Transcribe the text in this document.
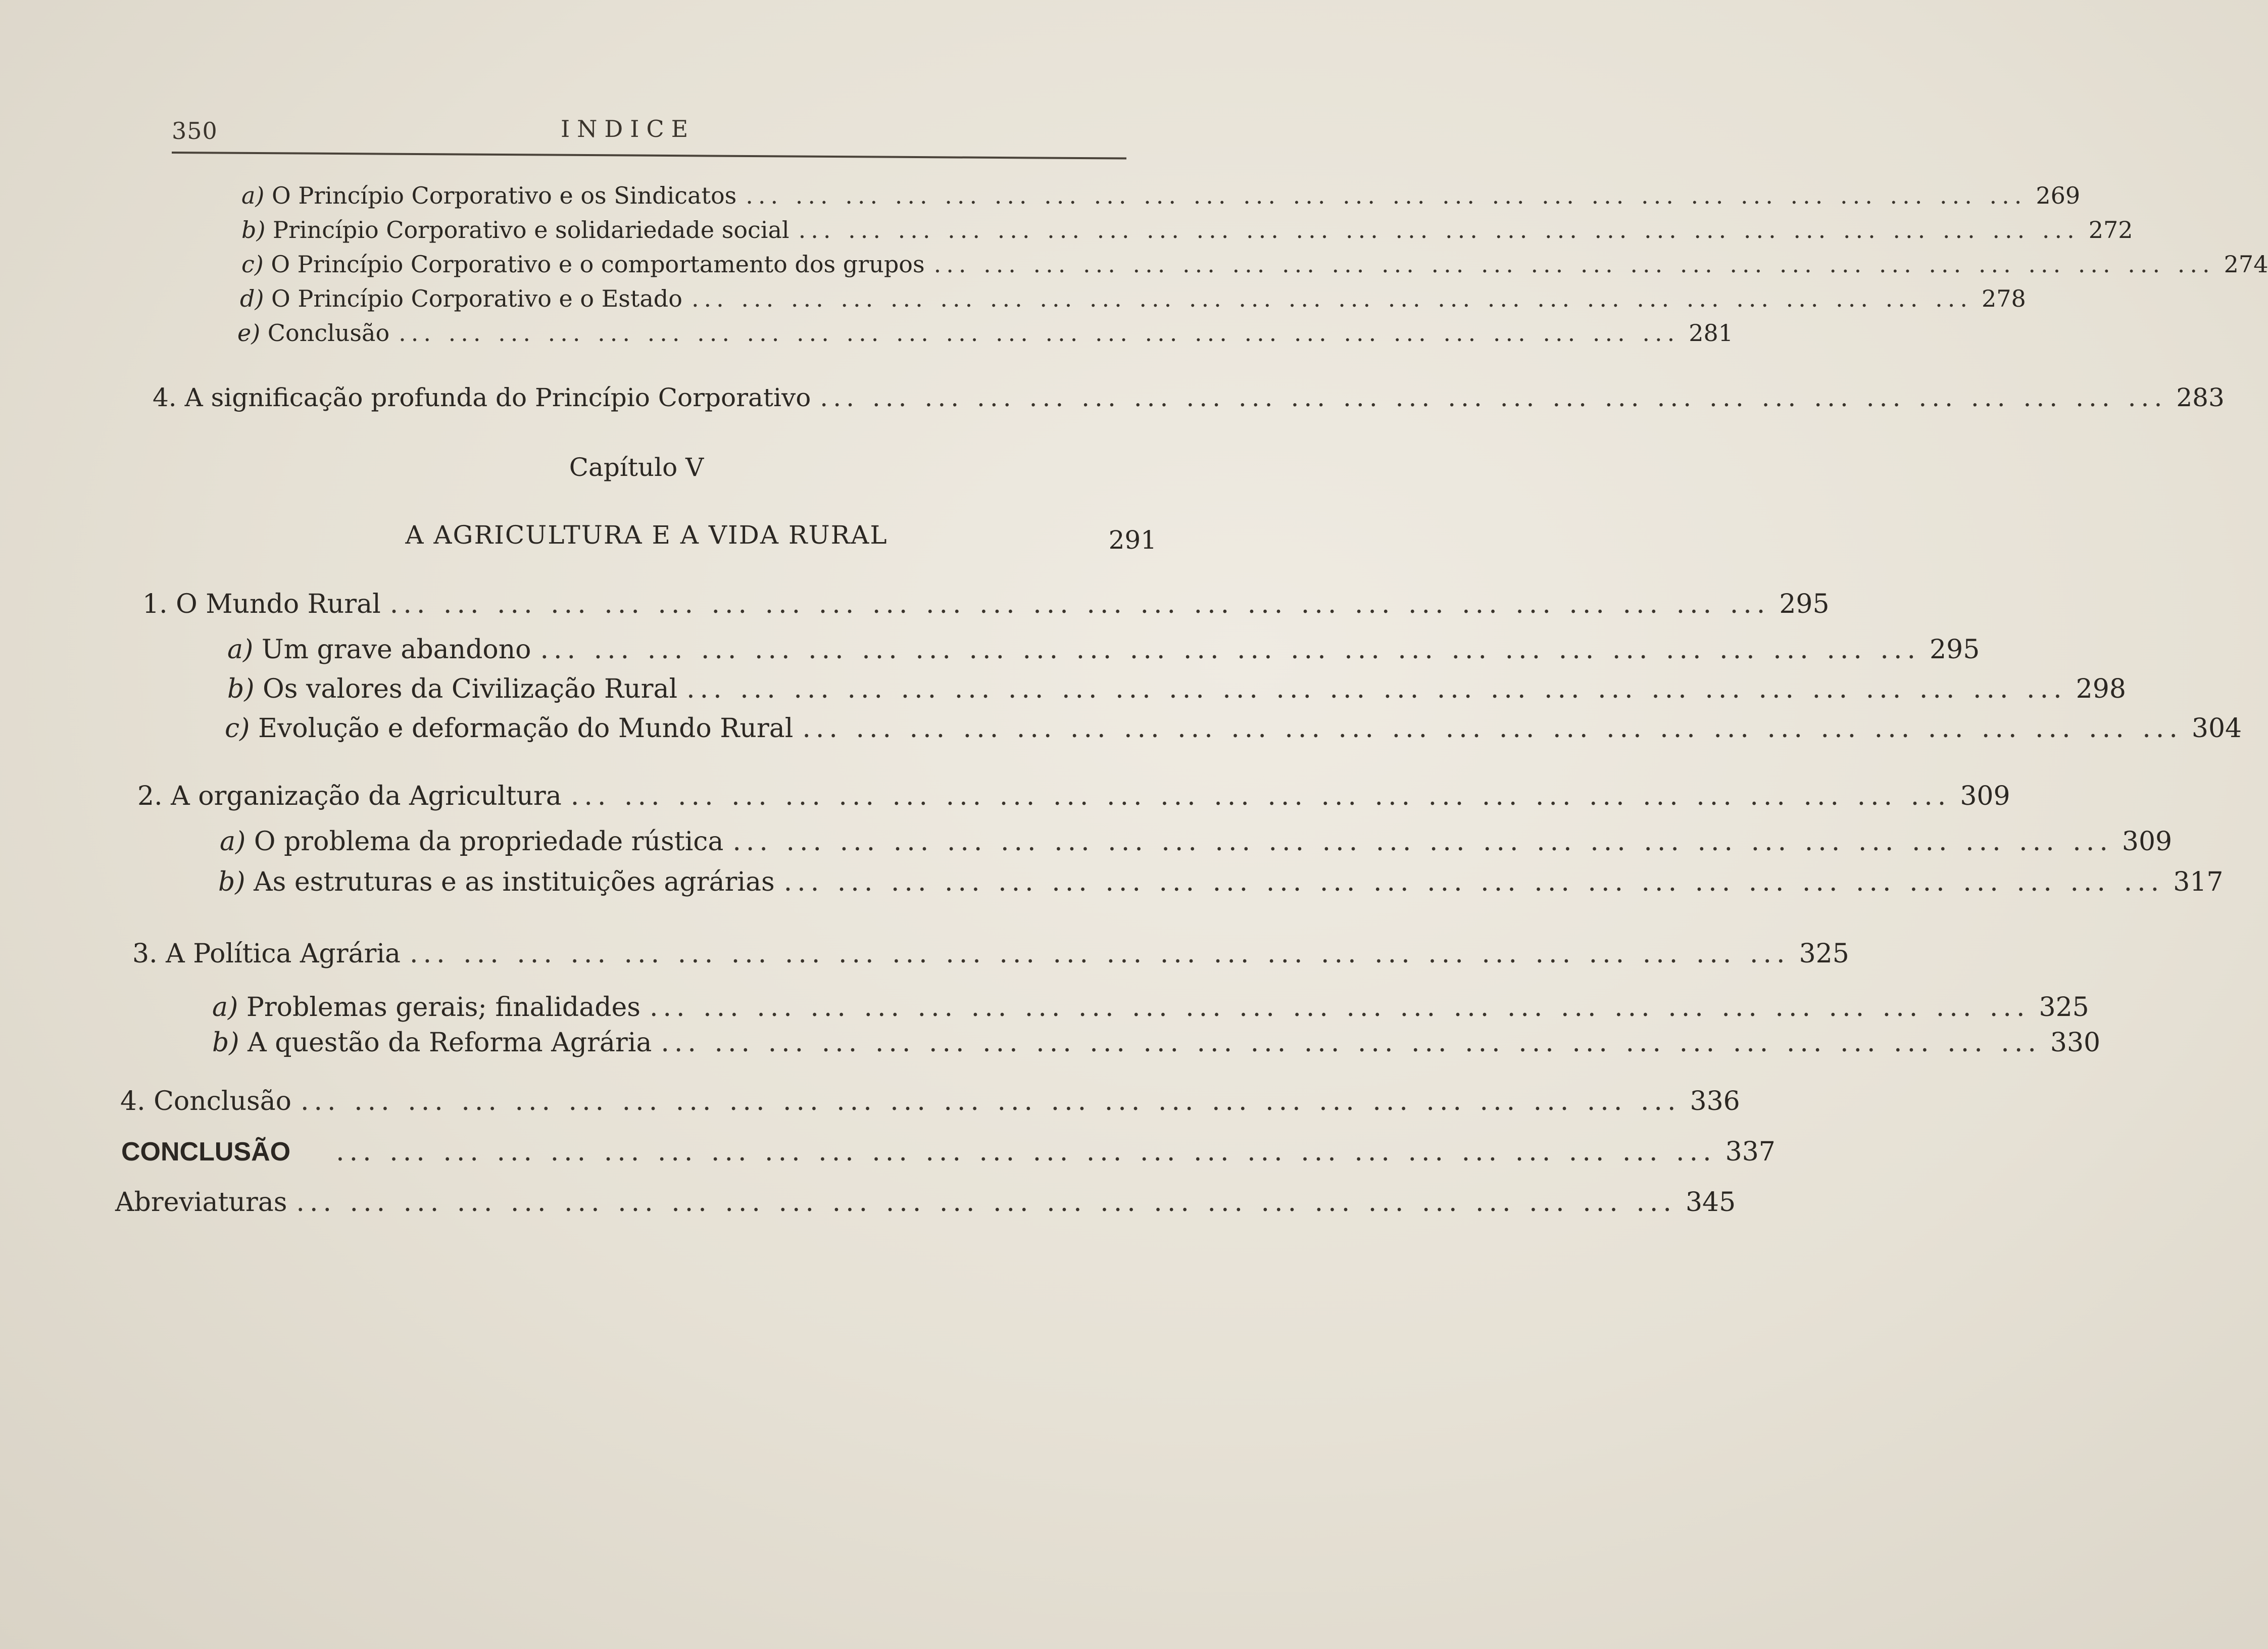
350	INDICE
a) O Princípio Corporativo e os Sindicatos ... ... ... ... ... ... ... ... ... ... ... ... ... ... ... ... ... ... ... ... ... ... ... ... ... ... 269
b) Princípio Corporativo e solidariedade social ... ... ... ... ... ... ... ... ... ... ... ... ... ... ... ... ... ... ... ... ... ... ... ... ... ... 272
c) O Princípio Corporativo e o comportamento dos grupos ... ... ... ... ... ... ... ... ... ... ... ... ... ... ... ... ... ... ... ... ... ... ... ... ... ... 274
d) O Princípio Corporativo e o Estado ... ... ... ... ... ... ... ... ... ... ... ... ... ... ... ... ... ... ... ... ... ... ... ... ... ... 278
e) Conclusão ... ... ... ... ... ... ... ... ... ... ... ... ... ... ... ... ... ... ... ... ... ... ... ... ... ... 281
4. A significação profunda do Princípio Corporativo ... ... ... ... ... ... ... ... ... ... ... ... ... ... ... ... ... ... ... ... ... ... ... ... ... ... 283
Capítulo V
A AGRICULTURA E A VIDA RURAL	291
1. O Mundo Rural ... ... ... ... ... ... ... ... ... ... ... ... ... ... ... ... ... ... ... ... ... ... ... ... ... ... 295
a) Um grave abandono ... ... ... ... ... ... ... ... ... ... ... ... ... ... ... ... ... ... ... ... ... ... ... ... ... ... 295
b) Os valores da Civilização Rural ... ... ... ... ... ... ... ... ... ... ... ... ... ... ... ... ... ... ... ... ... ... ... ... ... ... 298
c) Evolução e deformação do Mundo Rural ... ... ... ... ... ... ... ... ... ... ... ... ... ... ... ... ... ... ... ... ... ... ... ... ... ... 304
2. A organização da Agricultura ... ... ... ... ... ... ... ... ... ... ... ... ... ... ... ... ... ... ... ... ... ... ... ... ... ... 309
a) O problema da propriedade rústica ... ... ... ... ... ... ... ... ... ... ... ... ... ... ... ... ... ... ... ... ... ... ... ... ... ... 309
b) As estruturas e as instituições agrárias ... ... ... ... ... ... ... ... ... ... ... ... ... ... ... ... ... ... ... ... ... ... ... ... ... ... 317
3. A Política Agrária ... ... ... ... ... ... ... ... ... ... ... ... ... ... ... ... ... ... ... ... ... ... ... ... ... ... 325
a) Problemas gerais; finalidades ... ... ... ... ... ... ... ... ... ... ... ... ... ... ... ... ... ... ... ... ... ... ... ... ... ... 325
b) A questão da Reforma Agrária ... ... ... ... ... ... ... ... ... ... ... ... ... ... ... ... ... ... ... ... ... ... ... ... ... ... 330
4. Conclusão ... ... ... ... ... ... ... ... ... ... ... ... ... ... ... ... ... ... ... ... ... ... ... ... ... ... 336
CONCLUSÃO	... ... ... ... ... ... ... ... ... ... ... ... ... ... ... ... ... ... ... ... ... ... ... ... ... ... 337
Abreviaturas ... ... ... ... ... ... ... ... ... ... ... ... ... ... ... ... ... ... ... ... ... ... ... ... ... ... 345
